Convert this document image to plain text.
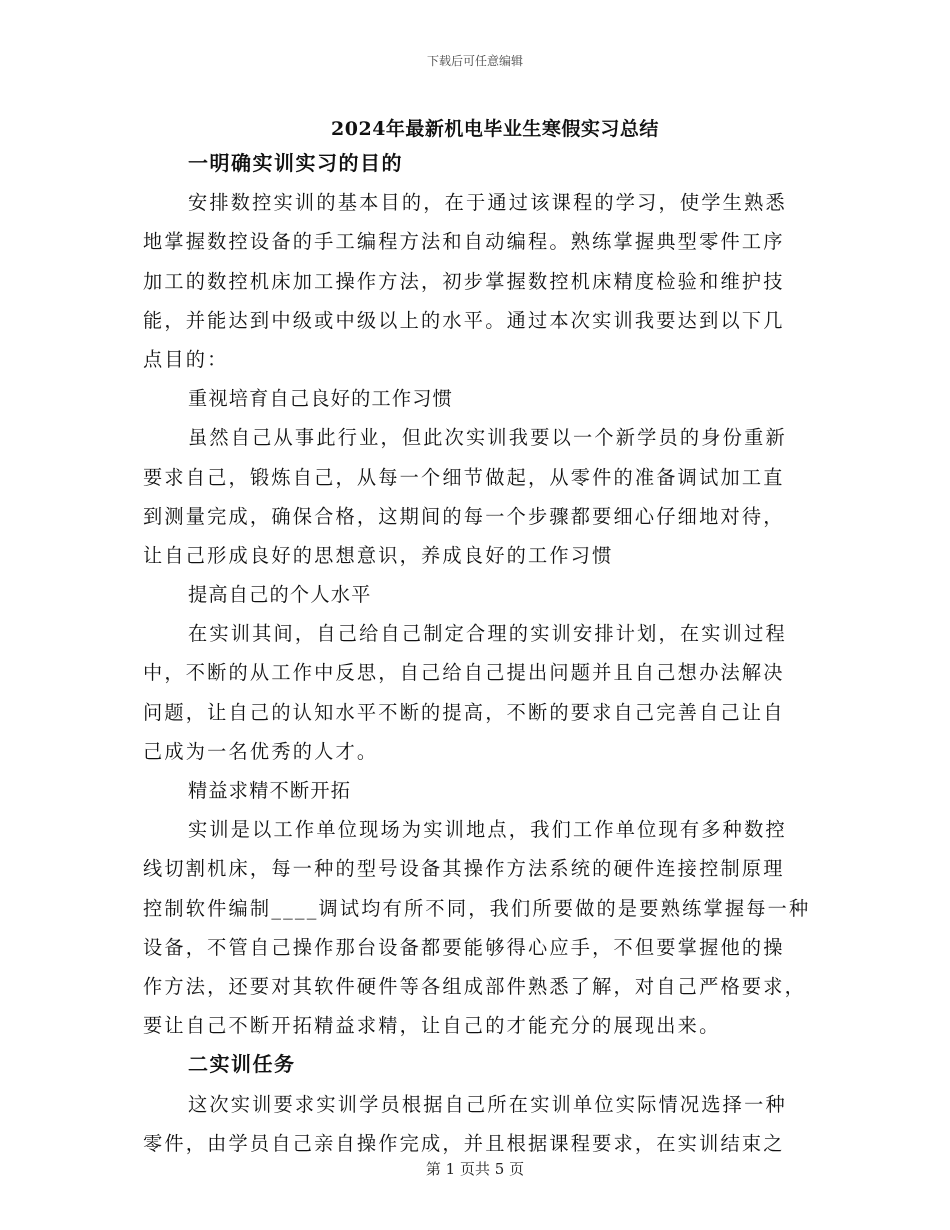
下载后可任意编辑
2024年最新机电毕业生寒假实习总结
一明确实训实习的目的
安排数控实训的基本目的，在于通过该课程的学习，使学生熟悉
地掌握数控设备的手工编程方法和自动编程。熟练掌握典型零件工序
加工的数控机床加工操作方法，初步掌握数控机床精度检验和维护技
能，并能达到中级或中级以上的水平。通过本次实训我要达到以下几
点目的：
重视培育自己良好的工作习惯
虽然自己从事此行业，但此次实训我要以一个新学员的身份重新
要求自己，锻炼自己，从每一个细节做起，从零件的准备调试加工直
到测量完成，确保合格，这期间的每一个步骤都要细心仔细地对待，
让自己形成良好的思想意识，养成良好的工作习惯
提高自己的个人水平
在实训其间，自己给自己制定合理的实训安排计划，在实训过程
中，不断的从工作中反思，自己给自己提出问题并且自己想办法解决
问题，让自己的认知水平不断的提高，不断的要求自己完善自己让自
己成为一名优秀的人才。
精益求精不断开拓
实训是以工作单位现场为实训地点，我们工作单位现有多种数控
线切割机床，每一种的型号设备其操作方法系统的硬件连接控制原理
控制软件编制____调试均有所不同，我们所要做的是要熟练掌握每一种
设备，不管自己操作那台设备都要能够得心应手，不但要掌握他的操
作方法，还要对其软件硬件等各组成部件熟悉了解，对自己严格要求，
要让自己不断开拓精益求精，让自己的才能充分的展现出来。
二实训任务
这次实训要求实训学员根据自己所在实训单位实际情况选择一种
零件，由学员自己亲自操作完成，并且根据课程要求，在实训结束之
第 1 页共 5 页
